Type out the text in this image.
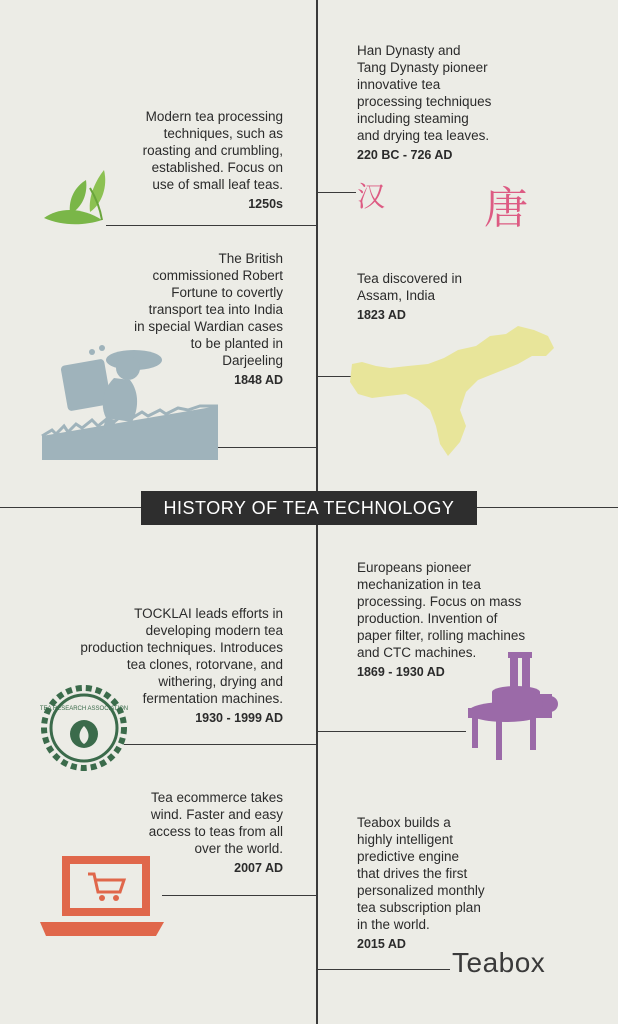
Han Dynasty and
Tang Dynasty pioneer
innovative tea
processing techniques
including steaming
and drying tea leaves.
220 BC - 726 AD
Modern tea processing
techniques, such as
roasting and crumbling,
established. Focus on
use of small leaf teas.
1250s
The British
commissioned Robert
Fortune to covertly
transport tea into India
in special Wardian cases
to be planted in
Darjeeling
1848 AD
Tea discovered in
Assam, India
1823 AD
Europeans pioneer
mechanization in tea
processing. Focus on mass
production. Invention of
paper filter, rolling machines
and CTC machines.
1869 - 1930 AD
TOCKLAI leads efforts in
developing modern tea
production techniques. Introduces
tea clones, rotorvane, and
withering, drying and
fermentation machines.
1930 - 1999 AD
Tea ecommerce takes
wind. Faster and easy
access to teas from all
over the world.
2007 AD
Teabox builds a
highly intelligent
predictive engine
that drives the first
personalized monthly
tea subscription plan
in the world.
2015 AD
HISTORY OF TEA TECHNOLOGY
汉 唐
TEA RESEARCH ASSOCIATION
Teabox
